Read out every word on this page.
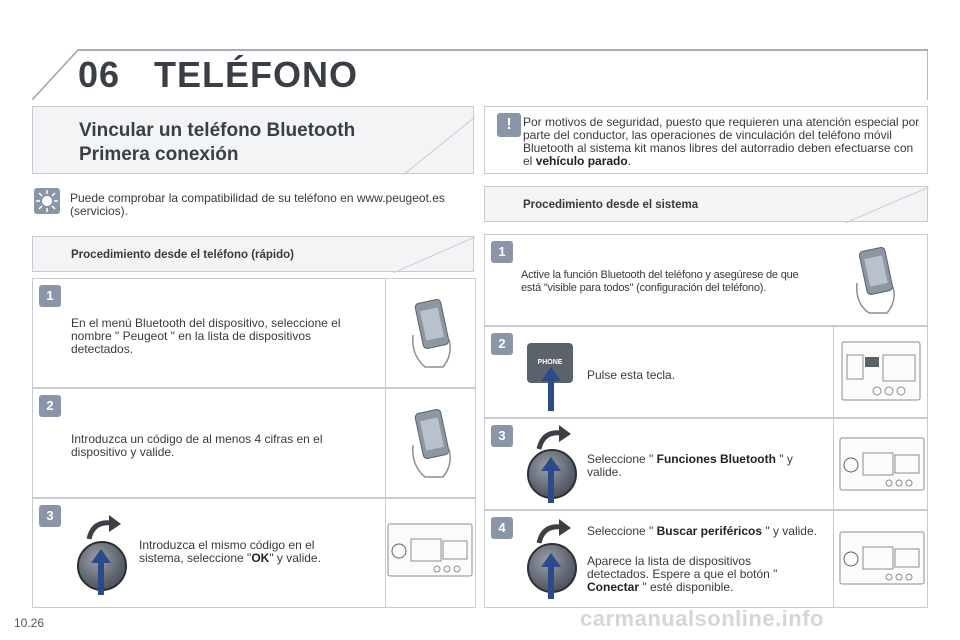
06 TELÉFONO
Vincular un teléfono Bluetooth
Primera conexión
! Por motivos de seguridad, puesto que requieren una atención especial por parte del conductor, las operaciones de vinculación del teléfono móvil Bluetooth al sistema kit manos libres del autorradio deben efectuarse con el vehículo parado.
Puede comprobar la compatibilidad de su teléfono en www.peugeot.es (servicios).	Procedimiento desde el sistema
Procedimiento desde el teléfono (rápido)
1
En el menú Bluetooth del dispositivo, seleccione el nombre " Peugeot " en la lista de dispositivos detectados.
2
Introduzca un código de al menos 4 cifras en el dispositivo y valide.
3
Introduzca el mismo código en el sistema, seleccione "OK" y valide.
1
Active la función Bluetooth del teléfono y asegúrese de que está "visible para todos" (configuración del teléfono).
2
PHONE
Pulse esta tecla.
3
Seleccione " Funciones Bluetooth " y valide.
4	Seleccione " Buscar periféricos " y valide.
Aparece la lista de dispositivos detectados. Espere a que el botón " Conectar " esté disponible.
10.26	carmanualsonline.info
